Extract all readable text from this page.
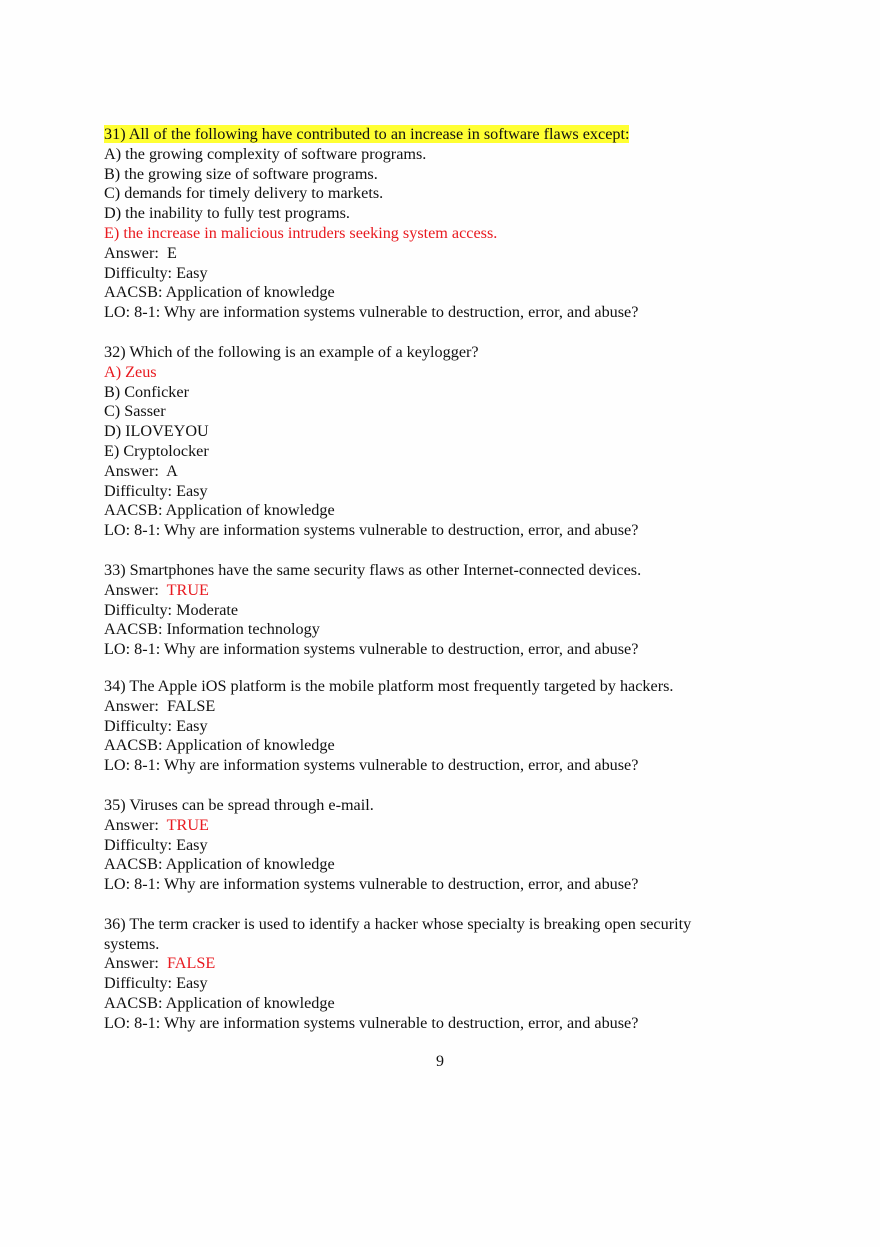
31) All of the following have contributed to an increase in software flaws except:
A) the growing complexity of software programs.
B) the growing size of software programs.
C) demands for timely delivery to markets.
D) the inability to fully test programs.
E) the increase in malicious intruders seeking system access.
Answer: E
Difficulty: Easy
AACSB: Application of knowledge
LO: 8-1: Why are information systems vulnerable to destruction, error, and abuse?
32) Which of the following is an example of a keylogger?
A) Zeus
B) Conficker
C) Sasser
D) ILOVEYOU
E) Cryptolocker
Answer: A
Difficulty: Easy
AACSB: Application of knowledge
LO: 8-1: Why are information systems vulnerable to destruction, error, and abuse?
33) Smartphones have the same security flaws as other Internet-connected devices.
Answer: TRUE
Difficulty: Moderate
AACSB: Information technology
LO: 8-1: Why are information systems vulnerable to destruction, error, and abuse?
34) The Apple iOS platform is the mobile platform most frequently targeted by hackers.
Answer: FALSE
Difficulty: Easy
AACSB: Application of knowledge
LO: 8-1: Why are information systems vulnerable to destruction, error, and abuse?
35) Viruses can be spread through e-mail.
Answer: TRUE
Difficulty: Easy
AACSB: Application of knowledge
LO: 8-1: Why are information systems vulnerable to destruction, error, and abuse?
36) The term cracker is used to identify a hacker whose specialty is breaking open security systems.
Answer: FALSE
Difficulty: Easy
AACSB: Application of knowledge
LO: 8-1: Why are information systems vulnerable to destruction, error, and abuse?
9
